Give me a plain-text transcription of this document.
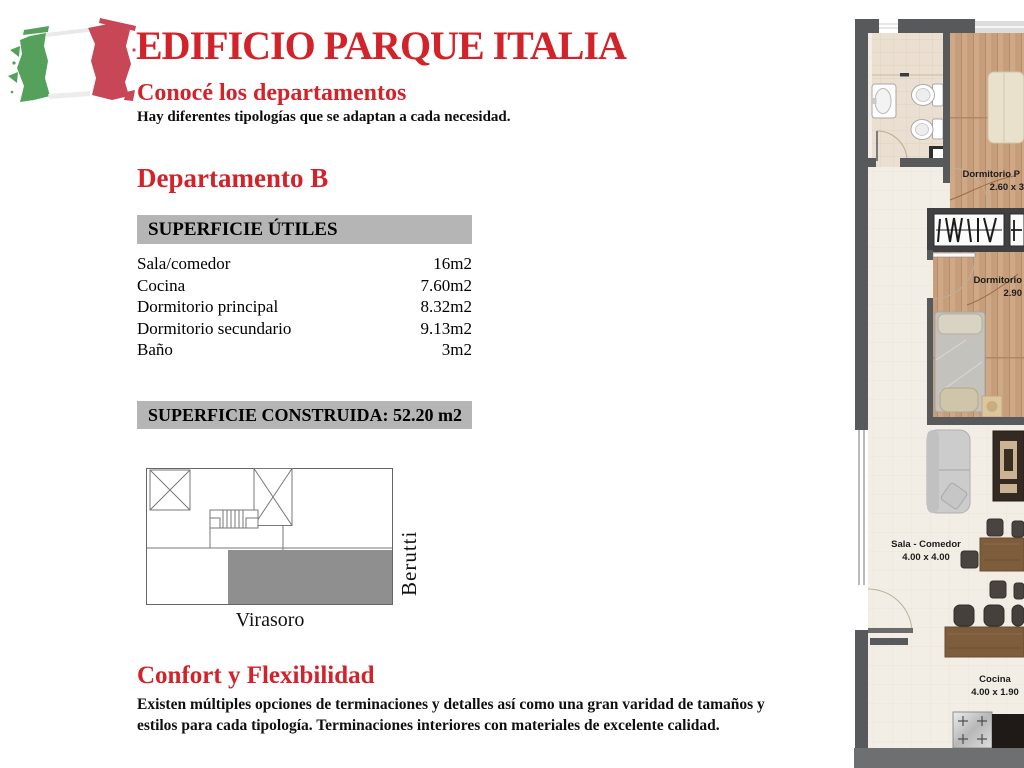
EDIFICIO PARQUE ITALIA
Conocé los departamentos
Hay diferentes tipologías que se adaptan a cada necesidad.
Departamento B
SUPERFICIE ÚTILES
Sala/comedor	16m2
Cocina	7.60m2
Dormitorio principal	8.32m2
Dormitorio secundario	9.13m2
Baño	3m2
SUPERFICIE CONSTRUIDA: 52.20 m2
Berutti
Virasoro
Confort y Flexibilidad
Existen múltiples opciones de terminaciones y detalles así como una gran varidad de tamaños y
estilos para cada tipología. Terminaciones interiores con materiales de excelente calidad.
Dormitorio P
2.60 x 3
Dormitorio
2.90
Sala - Comedor
4.00 x 4.00
Cocina
4.00 x 1.90
